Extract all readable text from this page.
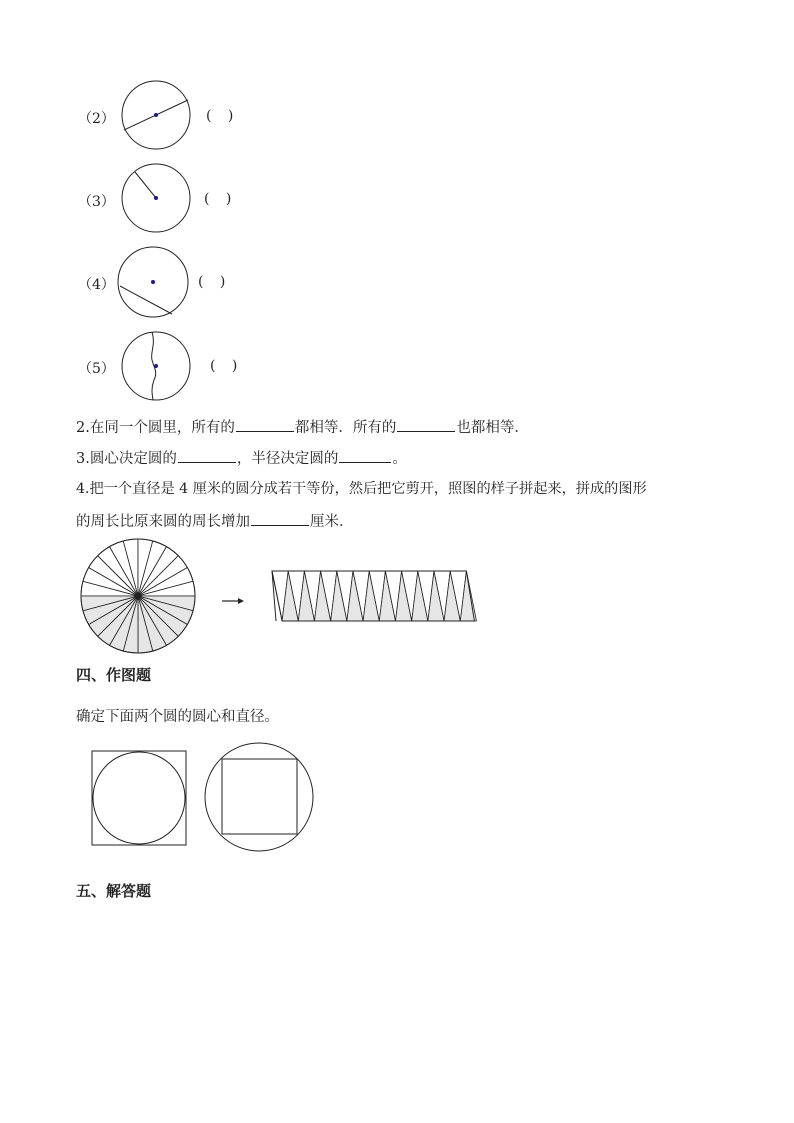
（2）	( )
（3）	( )
（4）	( )
（5）	( )
2.在同一个圆里，所有的	都相等．所有的	也都相等．
3.圆心决定圆的	，半径决定圆的	。
4.把一个直径是 4 厘米的圆分成若干等份，然后把它剪开，照图的样子拼起来，拼成的图形
的周长比原来圆的周长增加	厘米．
四、作图题
确定下面两个圆的圆心和直径。
五、解答题
